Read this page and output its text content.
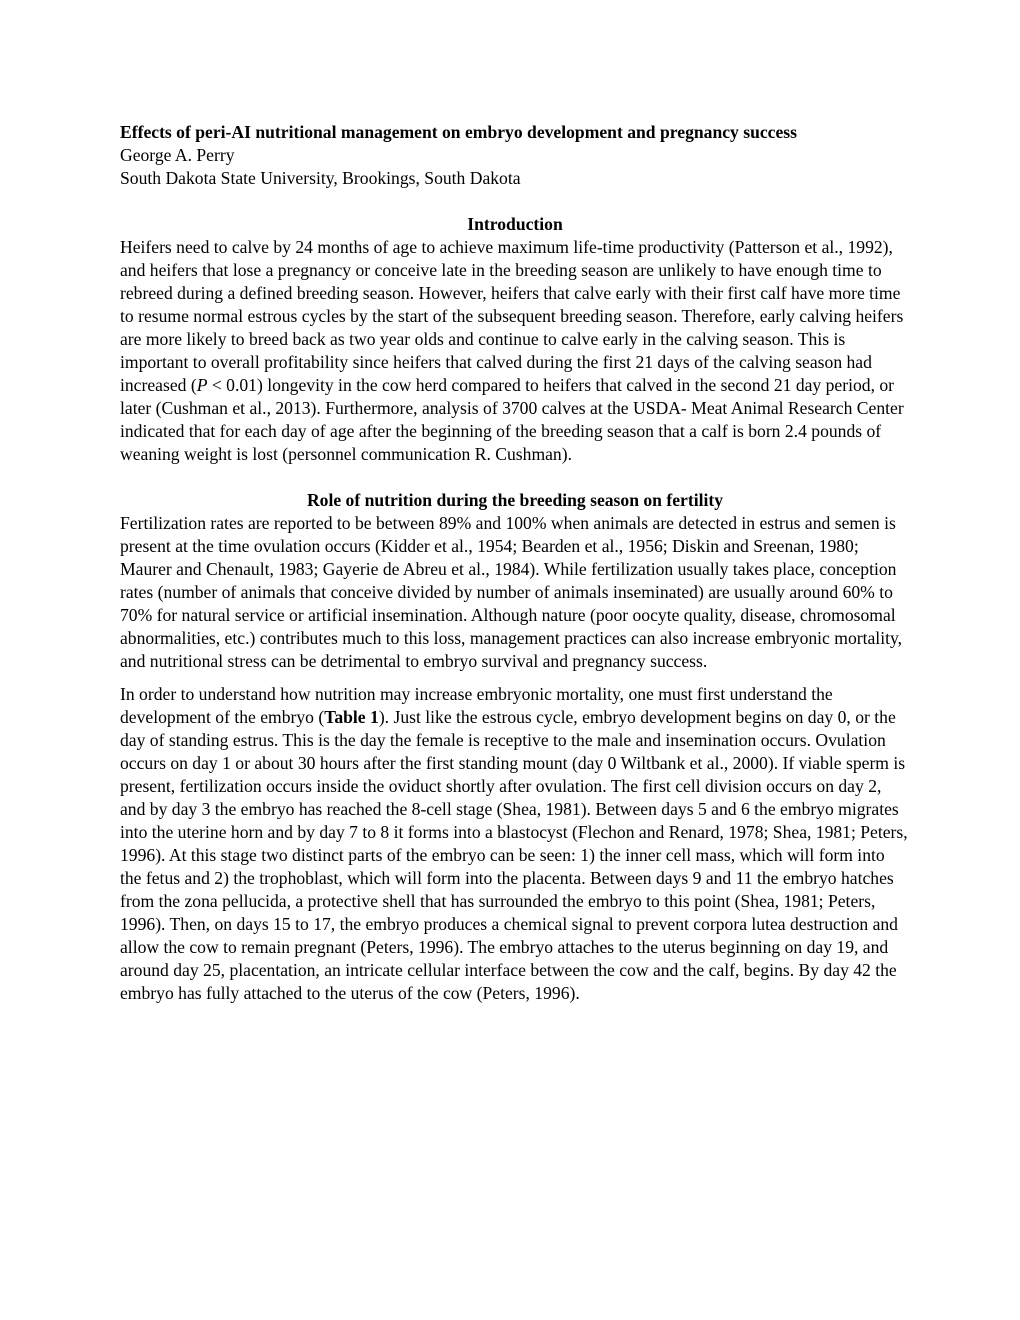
Effects of peri-AI nutritional management on embryo development and pregnancy success

George A. Perry

South Dakota State University, Brookings, South Dakota

Introduction

Heifers need to calve by 24 months of age to achieve maximum life-time productivity (Patterson et al., 1992), and heifers that lose a pregnancy or conceive late in the breeding season are unlikely to have enough time to rebreed during a defined breeding season. However, heifers that calve early with their first calf have more time to resume normal estrous cycles by the start of the subsequent breeding season. Therefore, early calving heifers are more likely to breed back as two year olds and continue to calve early in the calving season. This is important to overall profitability since heifers that calved during the first 21 days of the calving season had increased (P < 0.01) longevity in the cow herd compared to heifers that calved in the second 21 day period, or later (Cushman et al., 2013). Furthermore, analysis of 3700 calves at the USDA- Meat Animal Research Center indicated that for each day of age after the beginning of the breeding season that a calf is born 2.4 pounds of weaning weight is lost (personnel communication R. Cushman).

Role of nutrition during the breeding season on fertility

Fertilization rates are reported to be between 89% and 100% when animals are detected in estrus and semen is present at the time ovulation occurs (Kidder et al., 1954; Bearden et al., 1956; Diskin and Sreenan, 1980; Maurer and Chenault, 1983; Gayerie de Abreu et al., 1984). While fertilization usually takes place, conception rates (number of animals that conceive divided by number of animals inseminated) are usually around 60% to 70% for natural service or artificial insemination. Although nature (poor oocyte quality, disease, chromosomal abnormalities, etc.) contributes much to this loss, management practices can also increase embryonic mortality, and nutritional stress can be detrimental to embryo survival and pregnancy success.

In order to understand how nutrition may increase embryonic mortality, one must first understand the development of the embryo (Table 1). Just like the estrous cycle, embryo development begins on day 0, or the day of standing estrus. This is the day the female is receptive to the male and insemination occurs. Ovulation occurs on day 1 or about 30 hours after the first standing mount (day 0 Wiltbank et al., 2000). If viable sperm is present, fertilization occurs inside the oviduct shortly after ovulation. The first cell division occurs on day 2, and by day 3 the embryo has reached the 8-cell stage (Shea, 1981). Between days 5 and 6 the embryo migrates into the uterine horn and by day 7 to 8 it forms into a blastocyst (Flechon and Renard, 1978; Shea, 1981; Peters, 1996). At this stage two distinct parts of the embryo can be seen: 1) the inner cell mass, which will form into the fetus and 2) the trophoblast, which will form into the placenta. Between days 9 and 11 the embryo hatches from the zona pellucida, a protective shell that has surrounded the embryo to this point (Shea, 1981; Peters, 1996). Then, on days 15 to 17, the embryo produces a chemical signal to prevent corpora lutea destruction and allow the cow to remain pregnant (Peters, 1996). The embryo attaches to the uterus beginning on day 19, and around day 25, placentation, an intricate cellular interface between the cow and the calf, begins. By day 42 the embryo has fully attached to the uterus of the cow (Peters, 1996).
